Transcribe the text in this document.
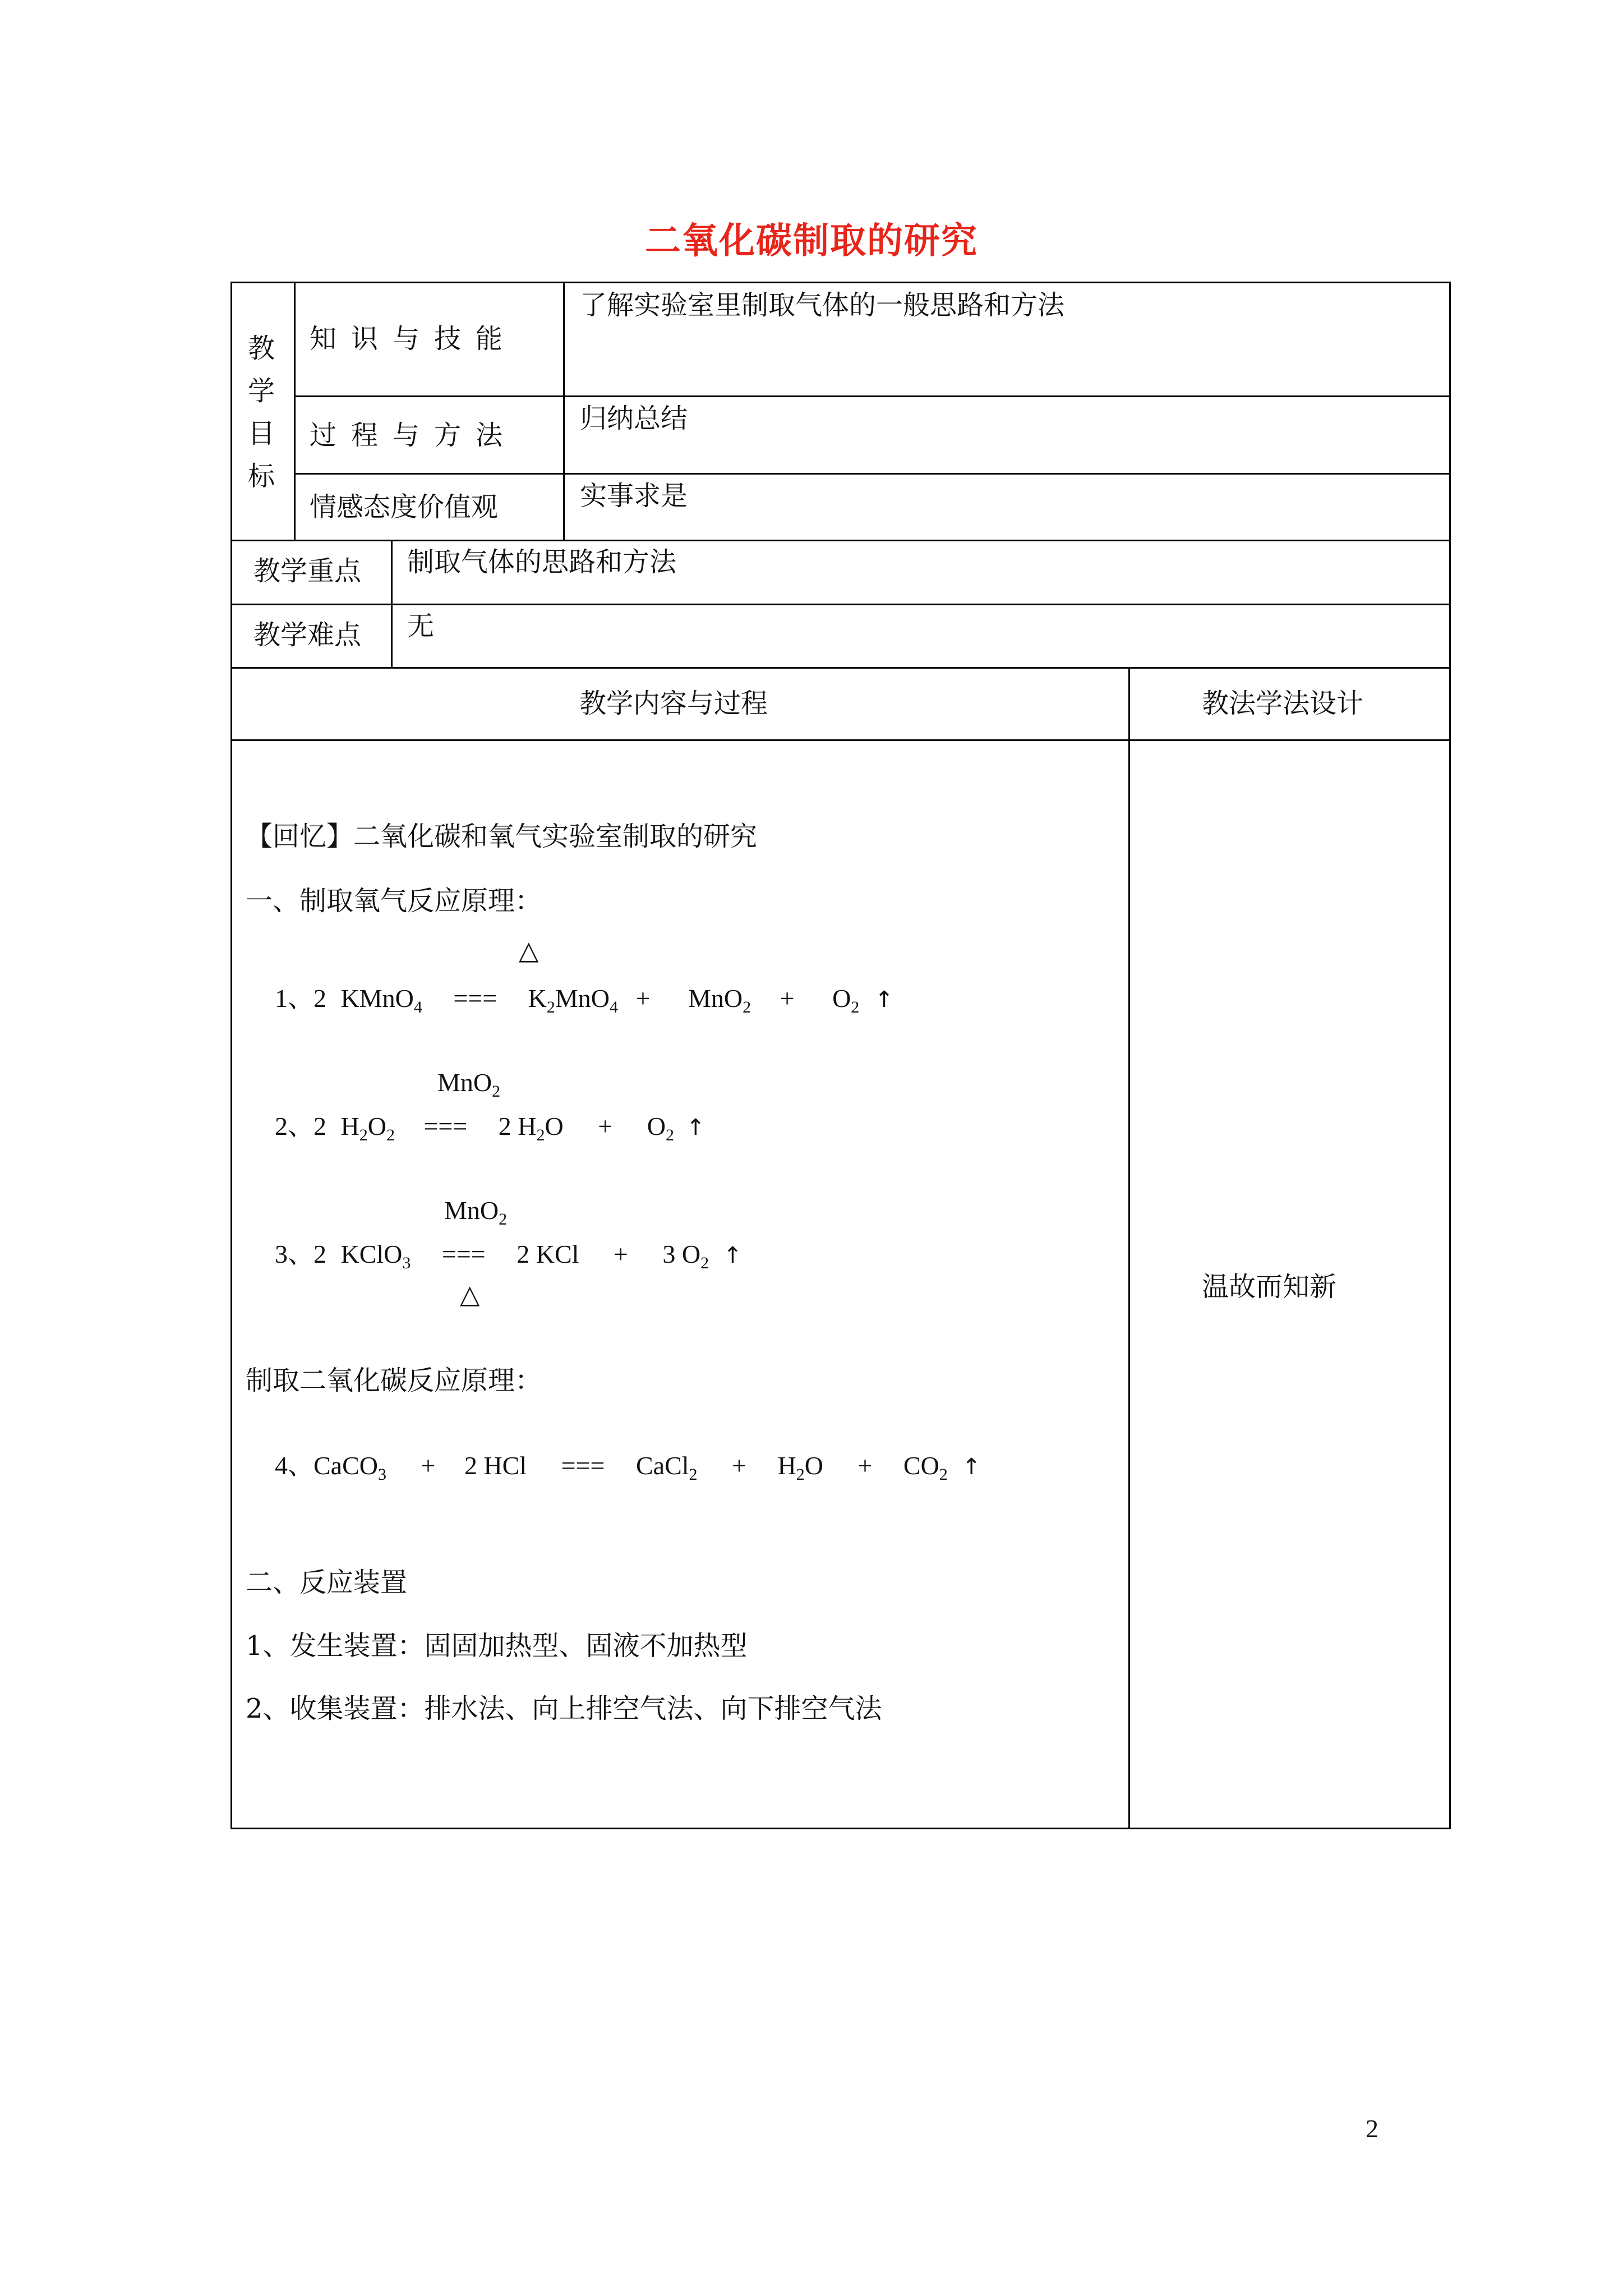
二氧化碳制取的研究
教
学
目
标
知识与技能
了解实验室里制取气体的一般思路和方法
过程与方法
归纳总结
情感态度价值观	实事求是
教学重点 制取气体的思路和方法
教学难点 无
教学内容与过程	教法学法设计
温故而知新
【回忆】二氧化碳和氧气实验室制取的研究
一、制取氧气反应原理：
△
1、2 KMnO$_4$ === $K_2MnO_4 + MnO_2 + O_2$ ↑
MnO$_2$
2、2 $H_2O_2$ === 2 $H_2O + O_2$ ↑
MnO$_2$
3、2 KClO$_3$ === 2 KCl + 3 $O_2$ ↑
△
制取二氧化碳反应原理：
4、CaCO$_3$ + 2 HCl === CaCl$_2$ + $H_2O + CO_2$ ↑
二、反应装置
1、发生装置：固固加热型、固液不加热型
2、收集装置：排水法、向上排空气法、向下排空气法
2
